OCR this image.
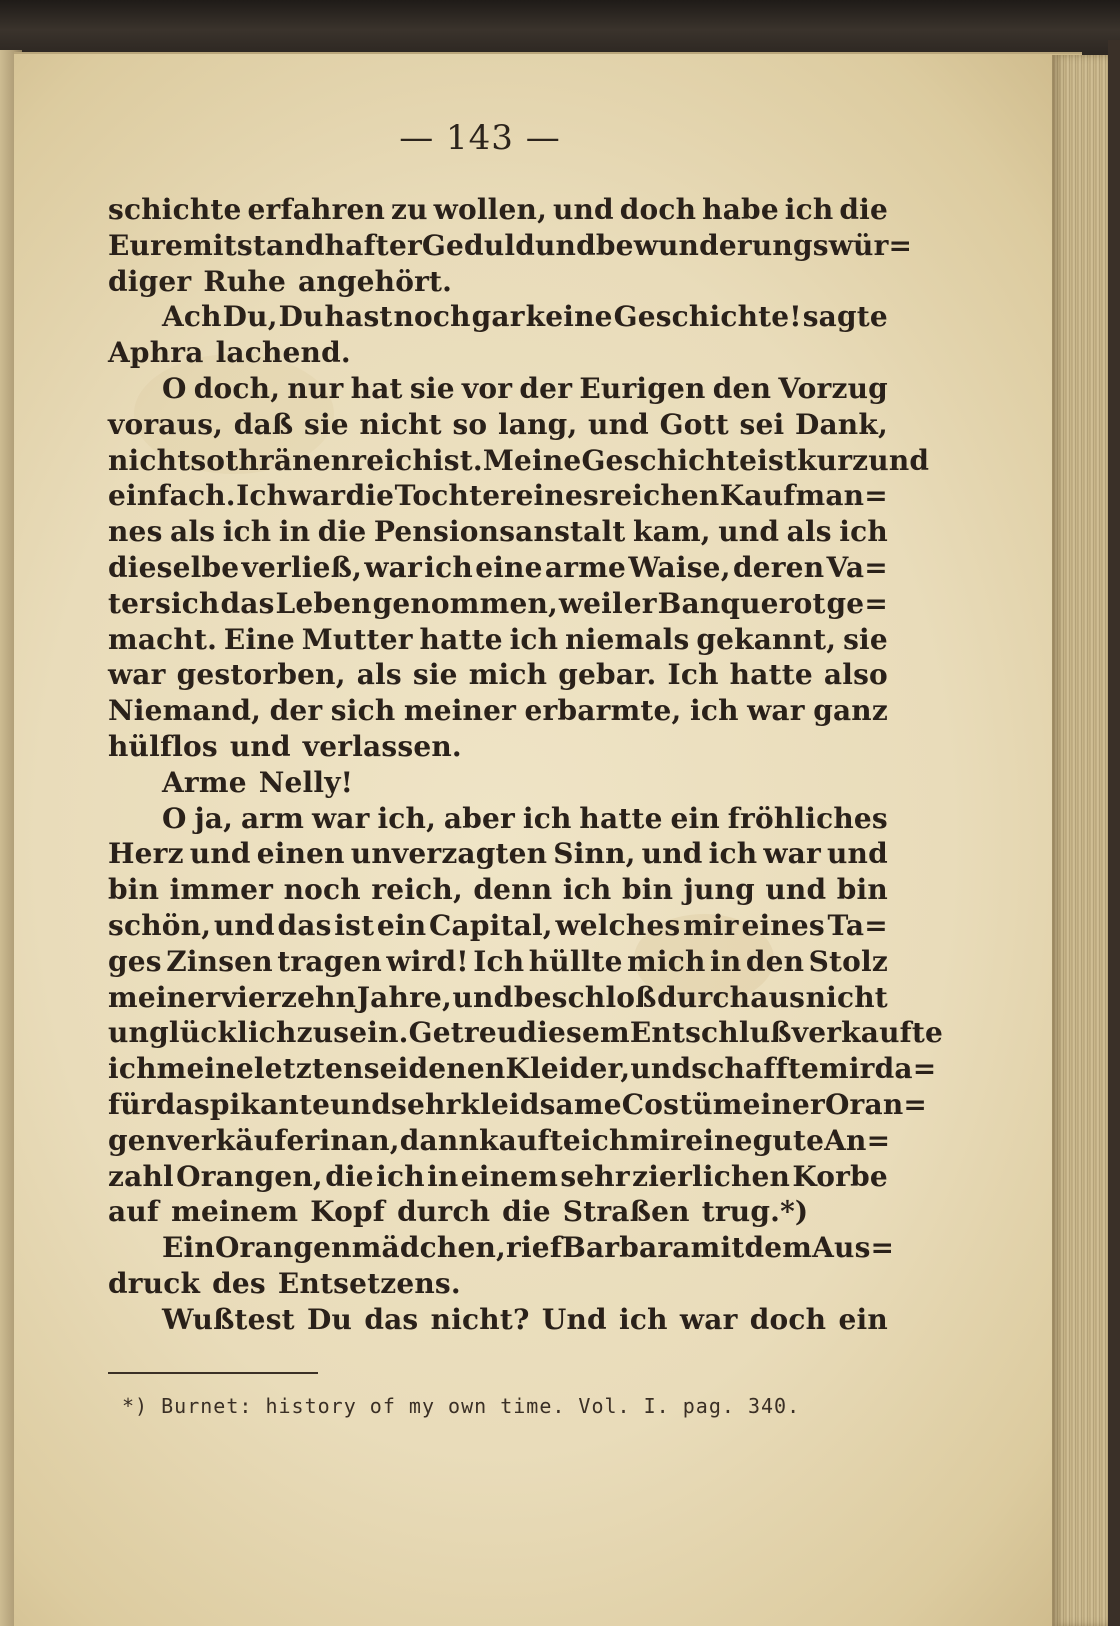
— 143 —
schichte erfahren zu wollen, und doch habe ich die
Eure mit standhafter Geduld und bewunderungswür=
diger Ruhe angehört.
Ach Du, Du hast noch gar keine Geschichte! sagte
Aphra lachend.
O doch, nur hat sie vor der Eurigen den Vorzug
voraus, daß sie nicht so lang, und Gott sei Dank,
nicht so thränenreich ist. Meine Geschichte ist kurz und
einfach. Ich war die Tochter eines reichen Kaufman=
nes als ich in die Pensionsanstalt kam, und als ich
dieselbe verließ, war ich eine arme Waise, deren Va=
ter sich das Leben genommen, weil er Banquerot ge=
macht. Eine Mutter hatte ich niemals gekannt, sie
war gestorben, als sie mich gebar. Ich hatte also
Niemand, der sich meiner erbarmte, ich war ganz
hülflos und verlassen.
Arme Nelly!
O ja, arm war ich, aber ich hatte ein fröhliches
Herz und einen unverzagten Sinn, und ich war und
bin immer noch reich, denn ich bin jung und bin
schön, und das ist ein Capital, welches mir eines Ta=
ges Zinsen tragen wird! Ich hüllte mich in den Stolz
meiner vierzehn Jahre, und beschloß durchaus nicht
unglücklich zu sein. Getreu diesem Entschluß verkaufte
ich meine letzten seidenen Kleider, und schaffte mir da=
für das pikante und sehr kleidsame Costüm einer Oran=
genverkäuferin an, dann kaufte ich mir eine gute An=
zahl Orangen, die ich in einem sehr zierlichen Korbe
auf meinem Kopf durch die Straßen trug.*)
Ein Orangenmädchen, rief Barbara mit dem Aus=
druck des Entsetzens.
Wußtest Du das nicht? Und ich war doch ein
*) Burnet: history of my own time. Vol. I. pag. 340.
